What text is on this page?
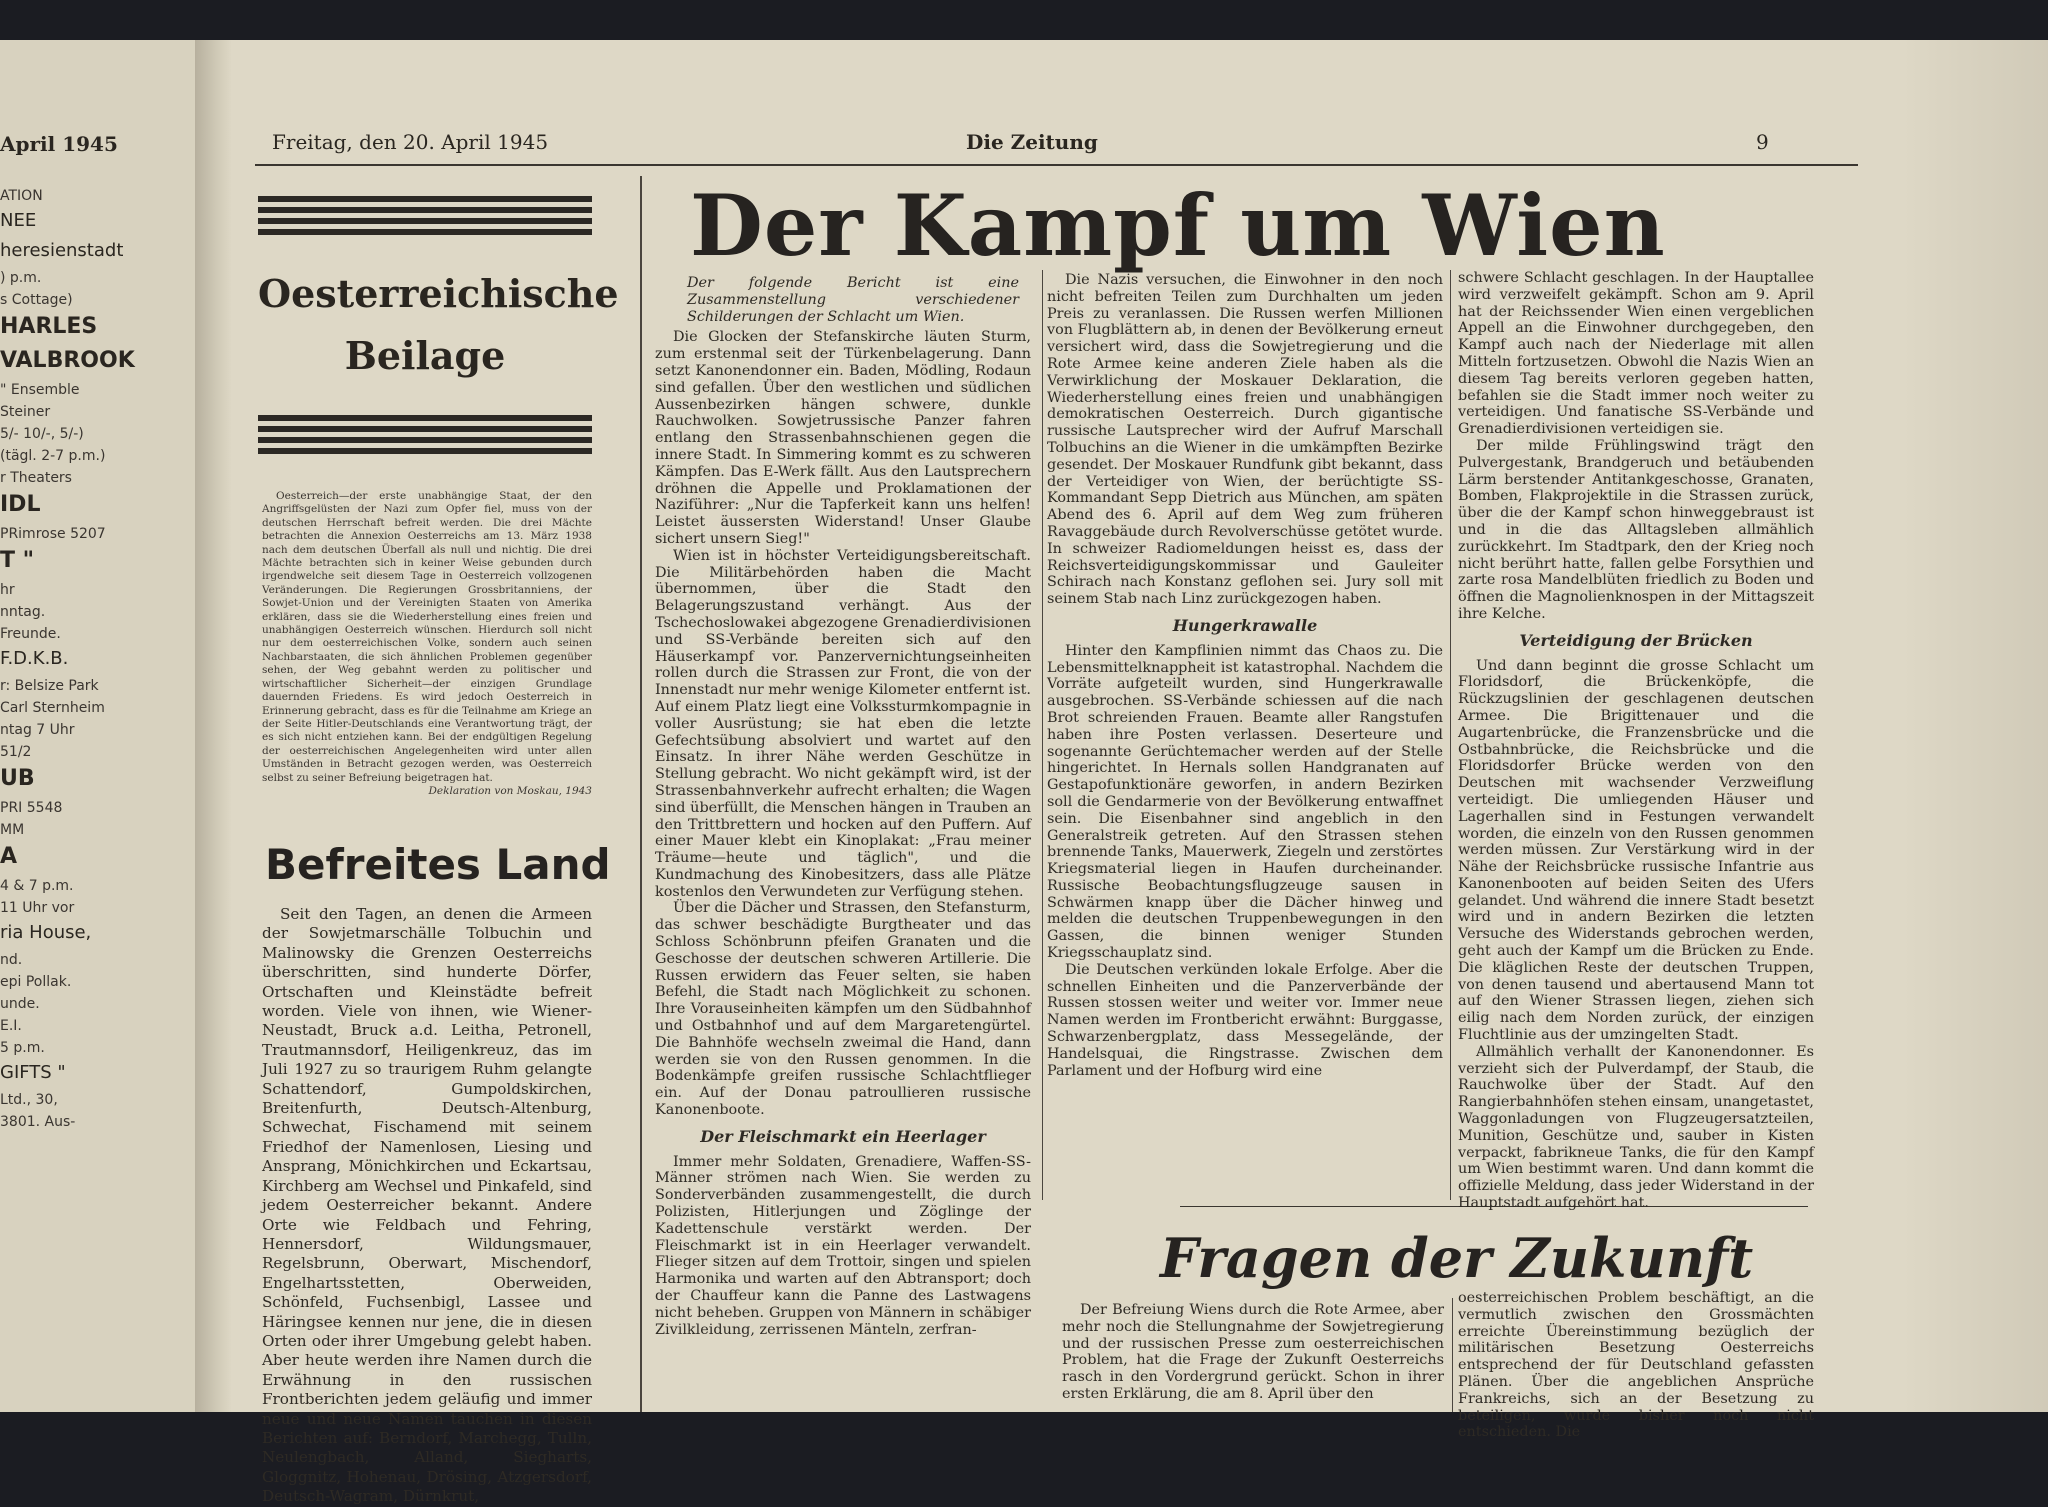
April 1945
ATION
NEE
heresienstadt
) p.m.
s Cottage)
HARLES
VALBROOK
" Ensemble
Steiner
5/- 10/-, 5/-)
(tägl. 2-7 p.m.)
r Theaters
IDL
PRimrose 5207
T "
hr
nntag.
Freunde.
F.D.K.B.
r: Belsize Park
Carl Sternheim
ntag 7 Uhr
51/2
UB
PRI 5548
MM
A
4 & 7 p.m.
11 Uhr vor
ria House,
nd.
epi Pollak.
unde.
E.I.
5 p.m.
GIFTS "
Ltd., 30,
3801. Aus-
Freitag, den 20. April 1945	Die Zeitung	9
Oesterreichische
Beilage
Oesterreich—der erste unabhängige Staat, der den Angriffsgelüsten der Nazi zum Opfer fiel, muss von der deutschen Herrschaft befreit werden. Die drei Mächte betrachten die Annexion Oesterreichs am 13. März 1938 nach dem deutschen Überfall als null und nichtig. Die drei Mächte betrachten sich in keiner Weise gebunden durch irgendwelche seit diesem Tage in Oesterreich vollzogenen Veränderungen. Die Regierungen Grossbritanniens, der Sowjet-Union und der Vereinigten Staaten von Amerika erklären, dass sie die Wiederherstellung eines freien und unabhängigen Oesterreich wünschen. Hierdurch soll nicht nur dem oesterreichischen Volke, sondern auch seinen Nachbarstaaten, die sich ähnlichen Problemen gegenüber sehen, der Weg gebahnt werden zu politischer und wirtschaftlicher Sicherheit—der einzigen Grundlage dauernden Friedens. Es wird jedoch Oesterreich in Erinnerung gebracht, dass es für die Teilnahme am Kriege an der Seite Hitler-Deutschlands eine Verantwortung trägt, der es sich nicht entziehen kann. Bei der endgültigen Regelung der oesterreichischen Angelegenheiten wird unter allen Umständen in Betracht gezogen werden, was Oesterreich selbst zu seiner Befreiung beigetragen hat.
Deklaration von Moskau, 1943
Befreites Land

Seit den Tagen, an denen die Armeen der Sowjetmarschälle Tolbuchin und Malinowsky die Grenzen Oesterreichs überschritten, sind hunderte Dörfer, Ortschaften und Kleinstädte befreit worden. Viele von ihnen, wie Wiener-Neustadt, Bruck a.d. Leitha, Petronell, Trautmannsdorf, Heiligenkreuz, das im Juli 1927 zu so traurigem Ruhm gelangte Schattendorf, Gumpoldskirchen, Breitenfurth, Deutsch-Altenburg, Schwechat, Fischamend mit seinem Friedhof der Namenlosen, Liesing und Ansprang, Mönichkirchen und Eckartsau, Kirchberg am Wechsel und Pinkafeld, sind jedem Oesterreicher bekannt. Andere Orte wie Feldbach und Fehring, Hennersdorf, Wildungsmauer, Regelsbrunn, Oberwart, Mischendorf, Engelhartsstetten, Oberweiden, Schönfeld, Fuchsenbigl, Lassee und Häringsee kennen nur jene, die in diesen Orten oder ihrer Umgebung gelebt haben. Aber heute werden ihre Namen durch die Erwähnung in den russischen Frontberichten jedem geläufig und immer neue und neue Namen tauchen in diesen Berichten auf: Berndorf, Marchegg, Tulln, Neulengbach, Alland, Siegharts, Gloggnitz, Hohenau, Drösing, Atzgersdorf, Deutsch-Wagram, Dürnkrut,

Der Kampf um Wien

Der folgende Bericht ist eine Zusammenstellung verschiedener Schilderungen der Schlacht um Wien.

Die Glocken der Stefanskirche läuten Sturm, zum erstenmal seit der Türkenbelagerung. Dann setzt Kanonendonner ein. Baden, Mödling, Rodaun sind gefallen. Über den westlichen und südlichen Aussenbezirken hängen schwere, dunkle Rauchwolken. Sowjetrussische Panzer fahren entlang den Strassenbahnschienen gegen die innere Stadt. In Simmering kommt es zu schweren Kämpfen. Das E-Werk fällt. Aus den Lautsprechern dröhnen die Appelle und Proklamationen der Naziführer: „Nur die Tapferkeit kann uns helfen! Leistet äussersten Widerstand! Unser Glaube sichert unsern Sieg!"

Wien ist in höchster Verteidigungsbereitschaft. Die Militärbehörden haben die Macht übernommen, über die Stadt den Belagerungszustand verhängt. Aus der Tschechoslowakei abgezogene Grenadierdivisionen und SS-Verbände bereiten sich auf den Häuserkampf vor. Panzervernichtungseinheiten rollen durch die Strassen zur Front, die von der Innenstadt nur mehr wenige Kilometer entfernt ist. Auf einem Platz liegt eine Volkssturmkompagnie in voller Ausrüstung; sie hat eben die letzte Gefechtsübung absolviert und wartet auf den Einsatz. In ihrer Nähe werden Geschütze in Stellung gebracht. Wo nicht gekämpft wird, ist der Strassenbahnverkehr aufrecht erhalten; die Wagen sind überfüllt, die Menschen hängen in Trauben an den Trittbrettern und hocken auf den Puffern. Auf einer Mauer klebt ein Kinoplakat: „Frau meiner Träume—heute und täglich", und die Kundmachung des Kinobesitzers, dass alle Plätze kostenlos den Verwundeten zur Verfügung stehen.

Über die Dächer und Strassen, den Stefansturm, das schwer beschädigte Burgtheater und das Schloss Schönbrunn pfeifen Granaten und die Geschosse der deutschen schweren Artillerie. Die Russen erwidern das Feuer selten, sie haben Befehl, die Stadt nach Möglichkeit zu schonen. Ihre Vorauseinheiten kämpfen um den Südbahnhof und Ostbahnhof und auf dem Margaretengürtel. Die Bahnhöfe wechseln zweimal die Hand, dann werden sie von den Russen genommen. In die Bodenkämpfe greifen russische Schlachtflieger ein. Auf der Donau patroullieren russische Kanonenboote.

Der Fleischmarkt ein Heerlager

Immer mehr Soldaten, Grenadiere, Waffen-SS-Männer strömen nach Wien. Sie werden zu Sonderverbänden zusammengestellt, die durch Polizisten, Hitlerjungen und Zöglinge der Kadettenschule verstärkt werden. Der Fleischmarkt ist in ein Heerlager verwandelt. Flieger sitzen auf dem Trottoir, singen und spielen Harmonika und warten auf den Abtransport; doch der Chauffeur kann die Panne des Lastwagens nicht beheben. Gruppen von Männern in schäbiger Zivilkleidung, zerrissenen Mänteln, zerfran-

Die Nazis versuchen, die Einwohner in den noch nicht befreiten Teilen zum Durchhalten um jeden Preis zu veranlassen. Die Russen werfen Millionen von Flugblättern ab, in denen der Bevölkerung erneut versichert wird, dass die Sowjetregierung und die Rote Armee keine anderen Ziele haben als die Verwirklichung der Moskauer Deklaration, die Wiederherstellung eines freien und unabhängigen demokratischen Oesterreich. Durch gigantische russische Lautsprecher wird der Aufruf Marschall Tolbuchins an die Wiener in die umkämpften Bezirke gesendet. Der Moskauer Rundfunk gibt bekannt, dass der Verteidiger von Wien, der berüchtigte SS-Kommandant Sepp Dietrich aus München, am späten Abend des 6. April auf dem Weg zum früheren Ravaggebäude durch Revolverschüsse getötet wurde. In schweizer Radiomeldungen heisst es, dass der Reichsverteidigungskommissar und Gauleiter Schirach nach Konstanz geflohen sei. Jury soll mit seinem Stab nach Linz zurückgezogen haben.

Hungerkrawalle

Hinter den Kampflinien nimmt das Chaos zu. Die Lebensmittelknappheit ist katastrophal. Nachdem die Vorräte aufgeteilt wurden, sind Hungerkrawalle ausgebrochen. SS-Verbände schiessen auf die nach Brot schreienden Frauen. Beamte aller Rangstufen haben ihre Posten verlassen. Deserteure und sogenannte Gerüchtemacher werden auf der Stelle hingerichtet. In Hernals sollen Handgranaten auf Gestapofunktionäre geworfen, in andern Bezirken soll die Gendarmerie von der Bevölkerung entwaffnet sein. Die Eisenbahner sind angeblich in den Generalstreik getreten. Auf den Strassen stehen brennende Tanks, Mauerwerk, Ziegeln und zerstörtes Kriegsmaterial liegen in Haufen durcheinander. Russische Beobachtungsflugzeuge sausen in Schwärmen knapp über die Dächer hinweg und melden die deutschen Truppenbewegungen in den Gassen, die binnen weniger Stunden Kriegsschauplatz sind.

Die Deutschen verkünden lokale Erfolge. Aber die schnellen Einheiten und die Panzerverbände der Russen stossen weiter und weiter vor. Immer neue Namen werden im Frontbericht erwähnt: Burggasse, Schwarzenbergplatz, dass Messegelände, der Handelsquai, die Ringstrasse. Zwischen dem Parlament und der Hofburg wird eine

schwere Schlacht geschlagen. In der Hauptallee wird verzweifelt gekämpft. Schon am 9. April hat der Reichssender Wien einen vergeblichen Appell an die Einwohner durchgegeben, den Kampf auch nach der Niederlage mit allen Mitteln fortzusetzen. Obwohl die Nazis Wien an diesem Tag bereits verloren gegeben hatten, befahlen sie die Stadt immer noch weiter zu verteidigen. Und fanatische SS-Verbände und Grenadierdivisionen verteidigen sie.

Der milde Frühlingswind trägt den Pulvergestank, Brandgeruch und betäubenden Lärm berstender Antitankgeschosse, Granaten, Bomben, Flakprojektile in die Strassen zurück, über die der Kampf schon hinweggebraust ist und in die das Alltagsleben allmählich zurückkehrt. Im Stadtpark, den der Krieg noch nicht berührt hatte, fallen gelbe Forsythien und zarte rosa Mandelblüten friedlich zu Boden und öffnen die Magnolienknospen in der Mittagszeit ihre Kelche.

Verteidigung der Brücken

Und dann beginnt die grosse Schlacht um Floridsdorf, die Brückenköpfe, die Rückzugslinien der geschlagenen deutschen Armee. Die Brigittenauer und die Augartenbrücke, die Franzensbrücke und die Ostbahnbrücke, die Reichsbrücke und die Floridsdorfer Brücke werden von den Deutschen mit wachsender Verzweiflung verteidigt. Die umliegenden Häuser und Lagerhallen sind in Festungen verwandelt worden, die einzeln von den Russen genommen werden müssen. Zur Verstärkung wird in der Nähe der Reichsbrücke russische Infantrie aus Kanonenbooten auf beiden Seiten des Ufers gelandet. Und während die innere Stadt besetzt wird und in andern Bezirken die letzten Versuche des Widerstands gebrochen werden, geht auch der Kampf um die Brücken zu Ende. Die kläglichen Reste der deutschen Truppen, von denen tausend und abertausend Mann tot auf den Wiener Strassen liegen, ziehen sich eilig nach dem Norden zurück, der einzigen Fluchtlinie aus der umzingelten Stadt.

Allmählich verhallt der Kanonendonner. Es verzieht sich der Pulverdampf, der Staub, die Rauchwolke über der Stadt. Auf den Rangierbahnhöfen stehen einsam, unangetastet, Waggonladungen von Flugzeugersatzteilen, Munition, Geschütze und, sauber in Kisten verpackt, fabrikneue Tanks, die für den Kampf um Wien bestimmt waren. Und dann kommt die offizielle Meldung, dass jeder Widerstand in der Hauptstadt aufgehört hat.

Fragen der Zukunft

Der Befreiung Wiens durch die Rote Armee, aber mehr noch die Stellungnahme der Sowjetregierung und der russischen Presse zum oesterreichischen Problem, hat die Frage der Zukunft Oesterreichs rasch in den Vordergrund gerückt. Schon in ihrer ersten Erklärung, die am 8. April über den

oesterreichischen Problem beschäftigt, an die vermutlich zwischen den Grossmächten erreichte Übereinstimmung bezüglich der militärischen Besetzung Oesterreichs entsprechend der für Deutschland gefassten Plänen. Über die angeblichen Ansprüche Frankreichs, sich an der Besetzung zu beteiligen, wurde bisher noch nicht entschieden. Die
